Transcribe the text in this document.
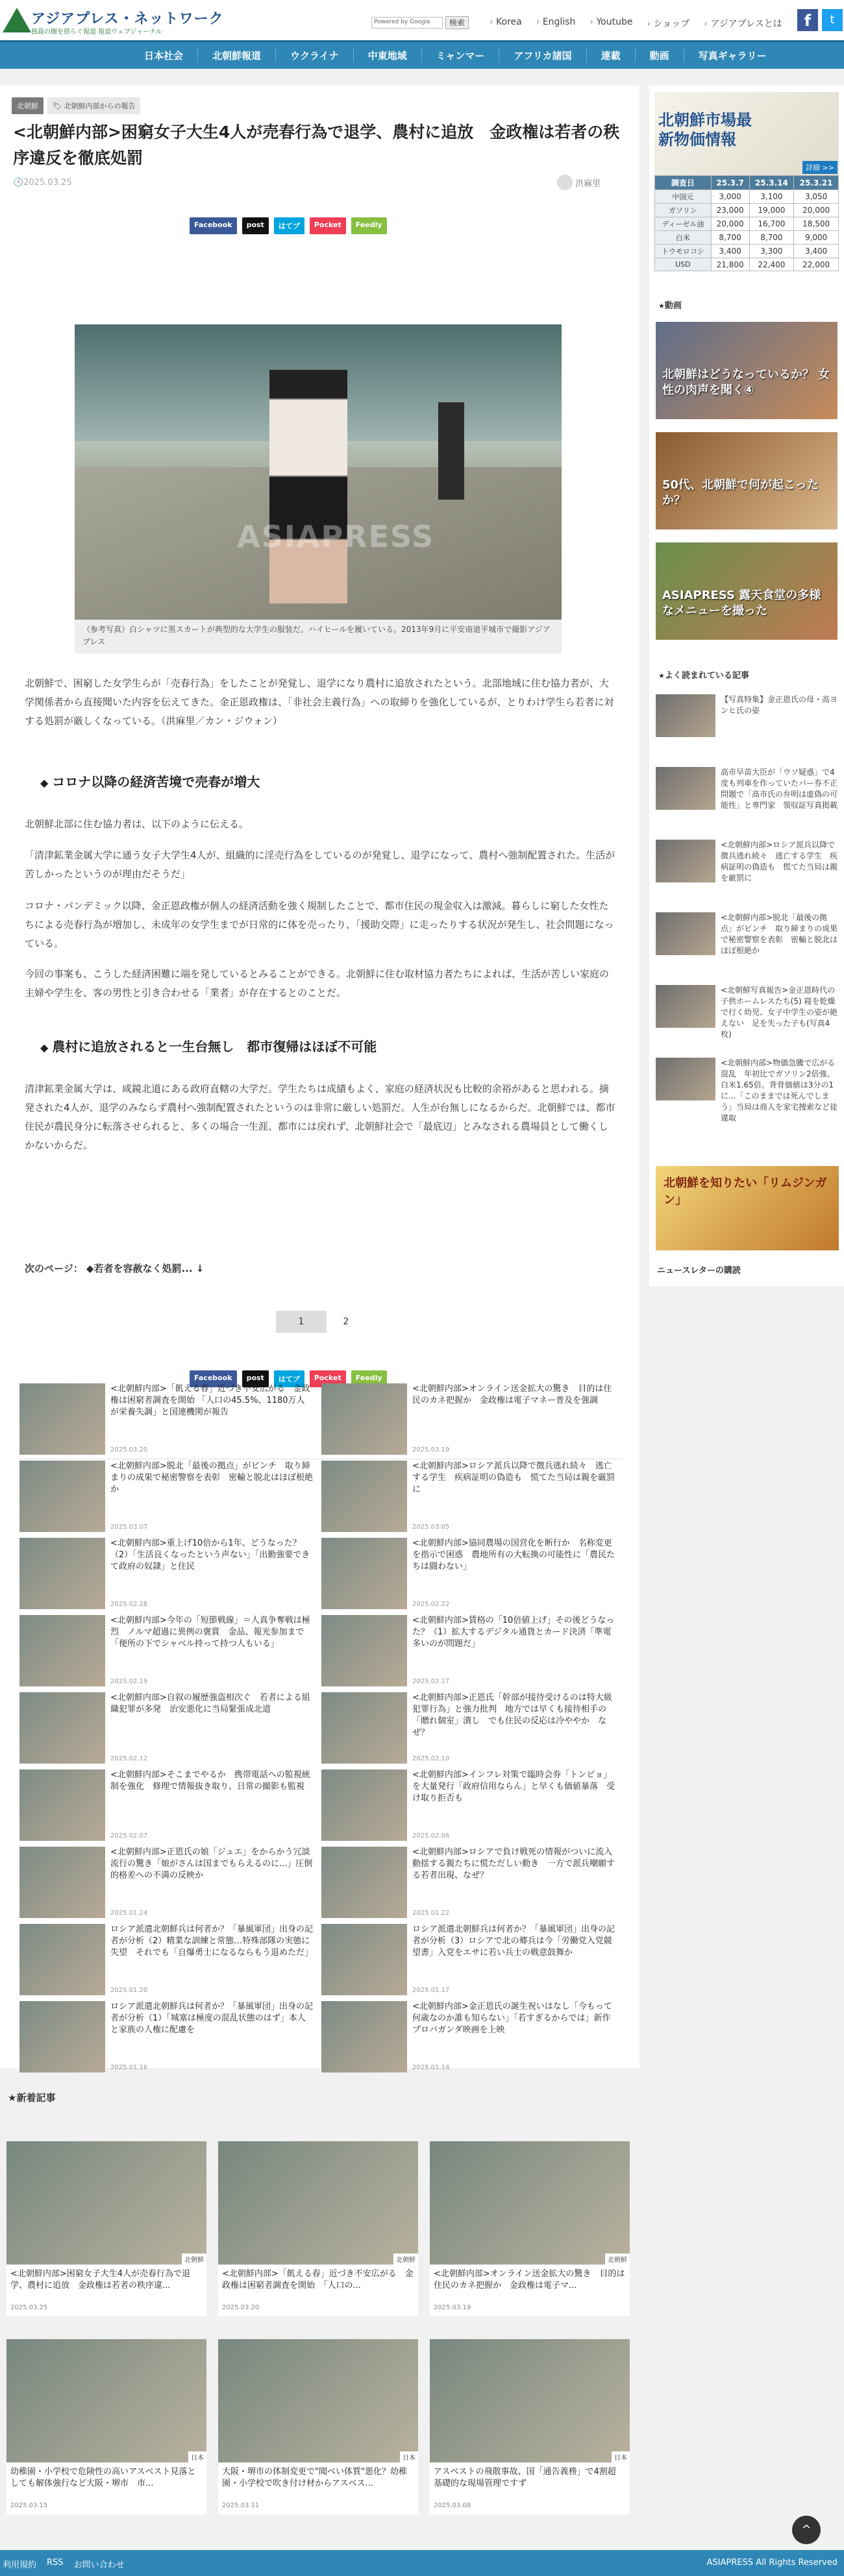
アジアプレス・ネットワーク
独裁の闇を揺らぐ報道 報道ウェブジャーナル
Powered by Google	検索	› Korea	› English	› Youtube	› ショップ	› アジアプレスとは	f	t
日本社会	北朝鮮報道	ウクライナ	中東地域	ミャンマー	アフリカ諸国	連載	動画	写真ギャラリー
北朝鮮	🏷 北朝鮮内部からの報告
<北朝鮮内部>困窮女子大生4人が売春行為で退学、農村に追放　金政権は若者の秩序違反を徹底処罰
🕓2025.03.25	洪麻里
Facebook	post	はてブ	Pocket	Feedly
ASIAPRESS
（参考写真）白シャツに黒スカートが典型的な大学生の服装だ。ハイヒールを履いている。2013年9月に平安南道平城市で撮影アジアプレス

北朝鮮で、困窮した女学生らが「売春行為」をしたことが発覚し、退学になり農村に追放されたという。北部地域に住む協力者が、大学関係者から直接聞いた内容を伝えてきた。金正恩政権は、「非社会主義行為」への取締りを強化しているが、とりわけ学生ら若者に対する処罰が厳しくなっている。（洪麻里／カン・ジウォン）

◆ コロナ以降の経済苦境で売春が増大

北朝鮮北部に住む協力者は、以下のように伝える。

「清津鉱業金属大学に通う女子大学生4人が、組織的に淫売行為をしているのが発覚し、退学になって、農村へ強制配置された。生活が苦しかったというのが理由だそうだ」

コロナ・パンデミック以降、金正恩政権が個人の経済活動を強く規制したことで、都市住民の現金収入は激減。暮らしに窮した女性たちによる売春行為が増加し、未成年の女学生までが日常的に体を売ったり、「援助交際」に走ったりする状況が発生し、社会問題になっている。

今回の事案も、こうした経済困難に端を発しているとみることができる。北朝鮮に住む取材協力者たちによれば、生活が苦しい家庭の主婦や学生を、客の男性と引き合わせる「業者」が存在するとのことだ。

◆ 農村に追放されると一生台無し　都市復帰はほぼ不可能

清津鉱業金属大学は、咸鏡北道にある政府直轄の大学だ。学生たちは成績もよく、家庭の経済状況も比較的余裕があると思われる。摘発された4人が、退学のみならず農村へ強制配置されたというのは非常に厳しい処罰だ。人生が台無しになるからだ。北朝鮮では、都市住民が農民身分に転落させられると、多くの場合一生涯、都市には戻れず、北朝鮮社会で「最底辺」とみなされる農場員として働くしかないからだ。

次のページ： ◆若者を容赦なく処罰... ↓
1	2
Facebook	post	はてブ	Pocket	Feedly
<北朝鮮内部>「飢える春」近づき不安広がる　金政権は困窮者調査を開始 「人口の45.5%、1180万人が栄養失調」と国連機関が報告
2025.03.20
<北朝鮮内部>オンライン送金拡大の驚き　目的は住民のカネ把握か　金政権は電子マネー普及を強調
2025.03.19
<北朝鮮内部>脱北「最後の拠点」がピンチ　取り締まりの成果で秘密警察を表彰　密輸と脱北はほぼ根絶か
2025.03.07
<北朝鮮内部>ロシア派兵以降で徴兵逃れ続々　逃亡する学生　疾病証明の偽造も　慌てた当局は親を厳罰に
2025.03.05
<北朝鮮内部>重上げ10倍から1年、どうなった？（2）「生活良くなったという声ない」「出勤強要できて政府の奴隷」と住民
2025.02.28
<北朝鮮内部>協同農場の国営化を断行か　名称変更を指示で困惑　農地所有の大転換の可能性に「農民たちは闘わない」
2025.02.22
<北朝鮮内部>今年の「短節戦線」＝人真争奪戦は極烈　ノルマ超過に異例の褒賞　金品、報光参加まで「便所の下でシャベル持って持つ人もいる」
2025.02.19
<北朝鮮内部>賃格の「10倍値上げ」その後どうなった？（1）拡大するデジタル通貨とカード決済「準電多いのが問題だ」
2025.02.17
<北朝鮮内部>自叙の履歴強盗相次ぐ　若者による組織犯罪が多発　治安悪化に当局緊張成北道
2025.02.12
<北朝鮮内部>正恩氏「幹部が接待受けるのは特大級犯罪行為」と強力批判　地方では早くも接待相手の「贈れ個室」潰し　でも住民の反応は冷ややか　なぜ？
2025.02.10
<北朝鮮内部>そこまでやるか　携帯電話への監視統制を強化　修理で情報抜き取り、日常の撮影も監視
2025.02.07
<北朝鮮内部>インフレ対策で臨時会券「トンピョ」を大量発行「政府信用ならん」と早くも価値暴落　受け取り拒否も
2025.02.06
<北朝鮮内部>正恩氏の娘「ジュエ」をからかう冗談流行の驚き「娘がさんは国までもらえるのに...」圧倒的格差への不満の反映か
2025.01.24
<北朝鮮内部>ロシアで負け戦死の情報がついに流入　動揺する親たちに慌ただしい動き　一方で派兵嘲願する若者出現、なぜ？
2025.01.22
ロシア派遣北朝鮮兵は何者か？「暴風軍団」出身の記者が分析（2）精業な訓練と常態…特殊部隊の実態に失望　それでも「自爆勇士になるならもう退めただ」
2025.01.20
ロシア派遣北朝鮮兵は何者か？「暴風軍団」出身の記者が分析（3）ロシアで北の郷兵は今「労働党入党競望書」入党をエサに若い兵士の戦意鼓舞か
2025.01.17
ロシア派遣北朝鮮兵は何者か？「暴風軍団」出身の記者が分析（1）「城塞は極度の混乱状態のはず」本人と家族の人権に配慮を
2025.01.16
<北朝鮮内部>金正恩氏の誕生祝いはなし「今もって何歳なのか誰も知らない」「若すぎるからでは」新作プロパガンダ映画を上映
2025.01.14
★新着記事
北朝鮮
<北朝鮮内部>困窮女子大生4人が売春行為で退学、農村に追放　金政権は若者の秩序違...
2025.03.25
北朝鮮
<北朝鮮内部>「飢える春」近づき不安広がる　金政権は困窮者調査を開始　「人口の...
2025.03.20
北朝鮮
<北朝鮮内部>オンライン送金拡大の驚き　目的は住民のカネ把握か　金政権は電子マ...
2025.03.19
日本
幼稚園・小学校で危険性の高いアスベスト見落としても解体強行など大阪・堺市　市...
2025.03.15
日本
大阪・堺市の体制変更で"聞べい体質"悪化？幼稚園・小学校で吹き付け材からアスベス...
2025.03.11
日本
アスベストの飛散事故、国「通告義務」で4割超　基礎的な現場管理ですず
2025.03.08
北朝鮮市場最新物価情報
詳細 >>
調査日	25.3.7	25.3.14	25.3.21
中国元	3,000	3,100	3,050
ガソリン	23,000	19,000	20,000
ディーゼル油	20,000	16,700	18,500
白米	8,700	8,700	9,000
トウモロコシ	3,400	3,300	3,400
USD	21,800	22,400	22,000
★ 動画
北朝鮮はどうなっているか？ 女性の肉声を聞く④
50代、北朝鮮で何が起こったか？
ASIAPRESS 露天食堂の多様なメニューを撮った
★ よく読まれている記事
【写真特集】金正恩氏の母・高ヨンヒ氏の姿
高市早苗大臣が「ウソ疑惑」で4度も列車を作っていたバー券不正問題で「高市氏の弁明は虚偽の可能性」と専門家　領収証写真掲載
<北朝鮮内部>ロシア派兵以降で徴兵逃れ続々　逃亡する学生　疾病証明の偽造も　慌てた当局は親を厳罰に
<北朝鮮内部>脱北「最後の拠点」がピンチ　取り締まりの成果で秘密警察を表彰　密輸と脱北はほぼ根絶か
<北朝鮮写真報告>金正恩時代の子供ホームレスたち(5) 寝を乾燥で行く幼児、女子中学生の姿が絶えない　足を失った子も(写真4枚)
<北朝鮮内部>物価急騰で広がる混乱　年初比でガソリン2倍強、白米1.65倍。背骨価値は3分の1に...「このままでは死んでしまう」当局は商人を家宅捜索など徒違取
北朝鮮を知りたい「リムジンガン」
ニュースレターの購読
^
利用規約 RSS お問い合わせ	ASIAPRESS All Rights Reserved
